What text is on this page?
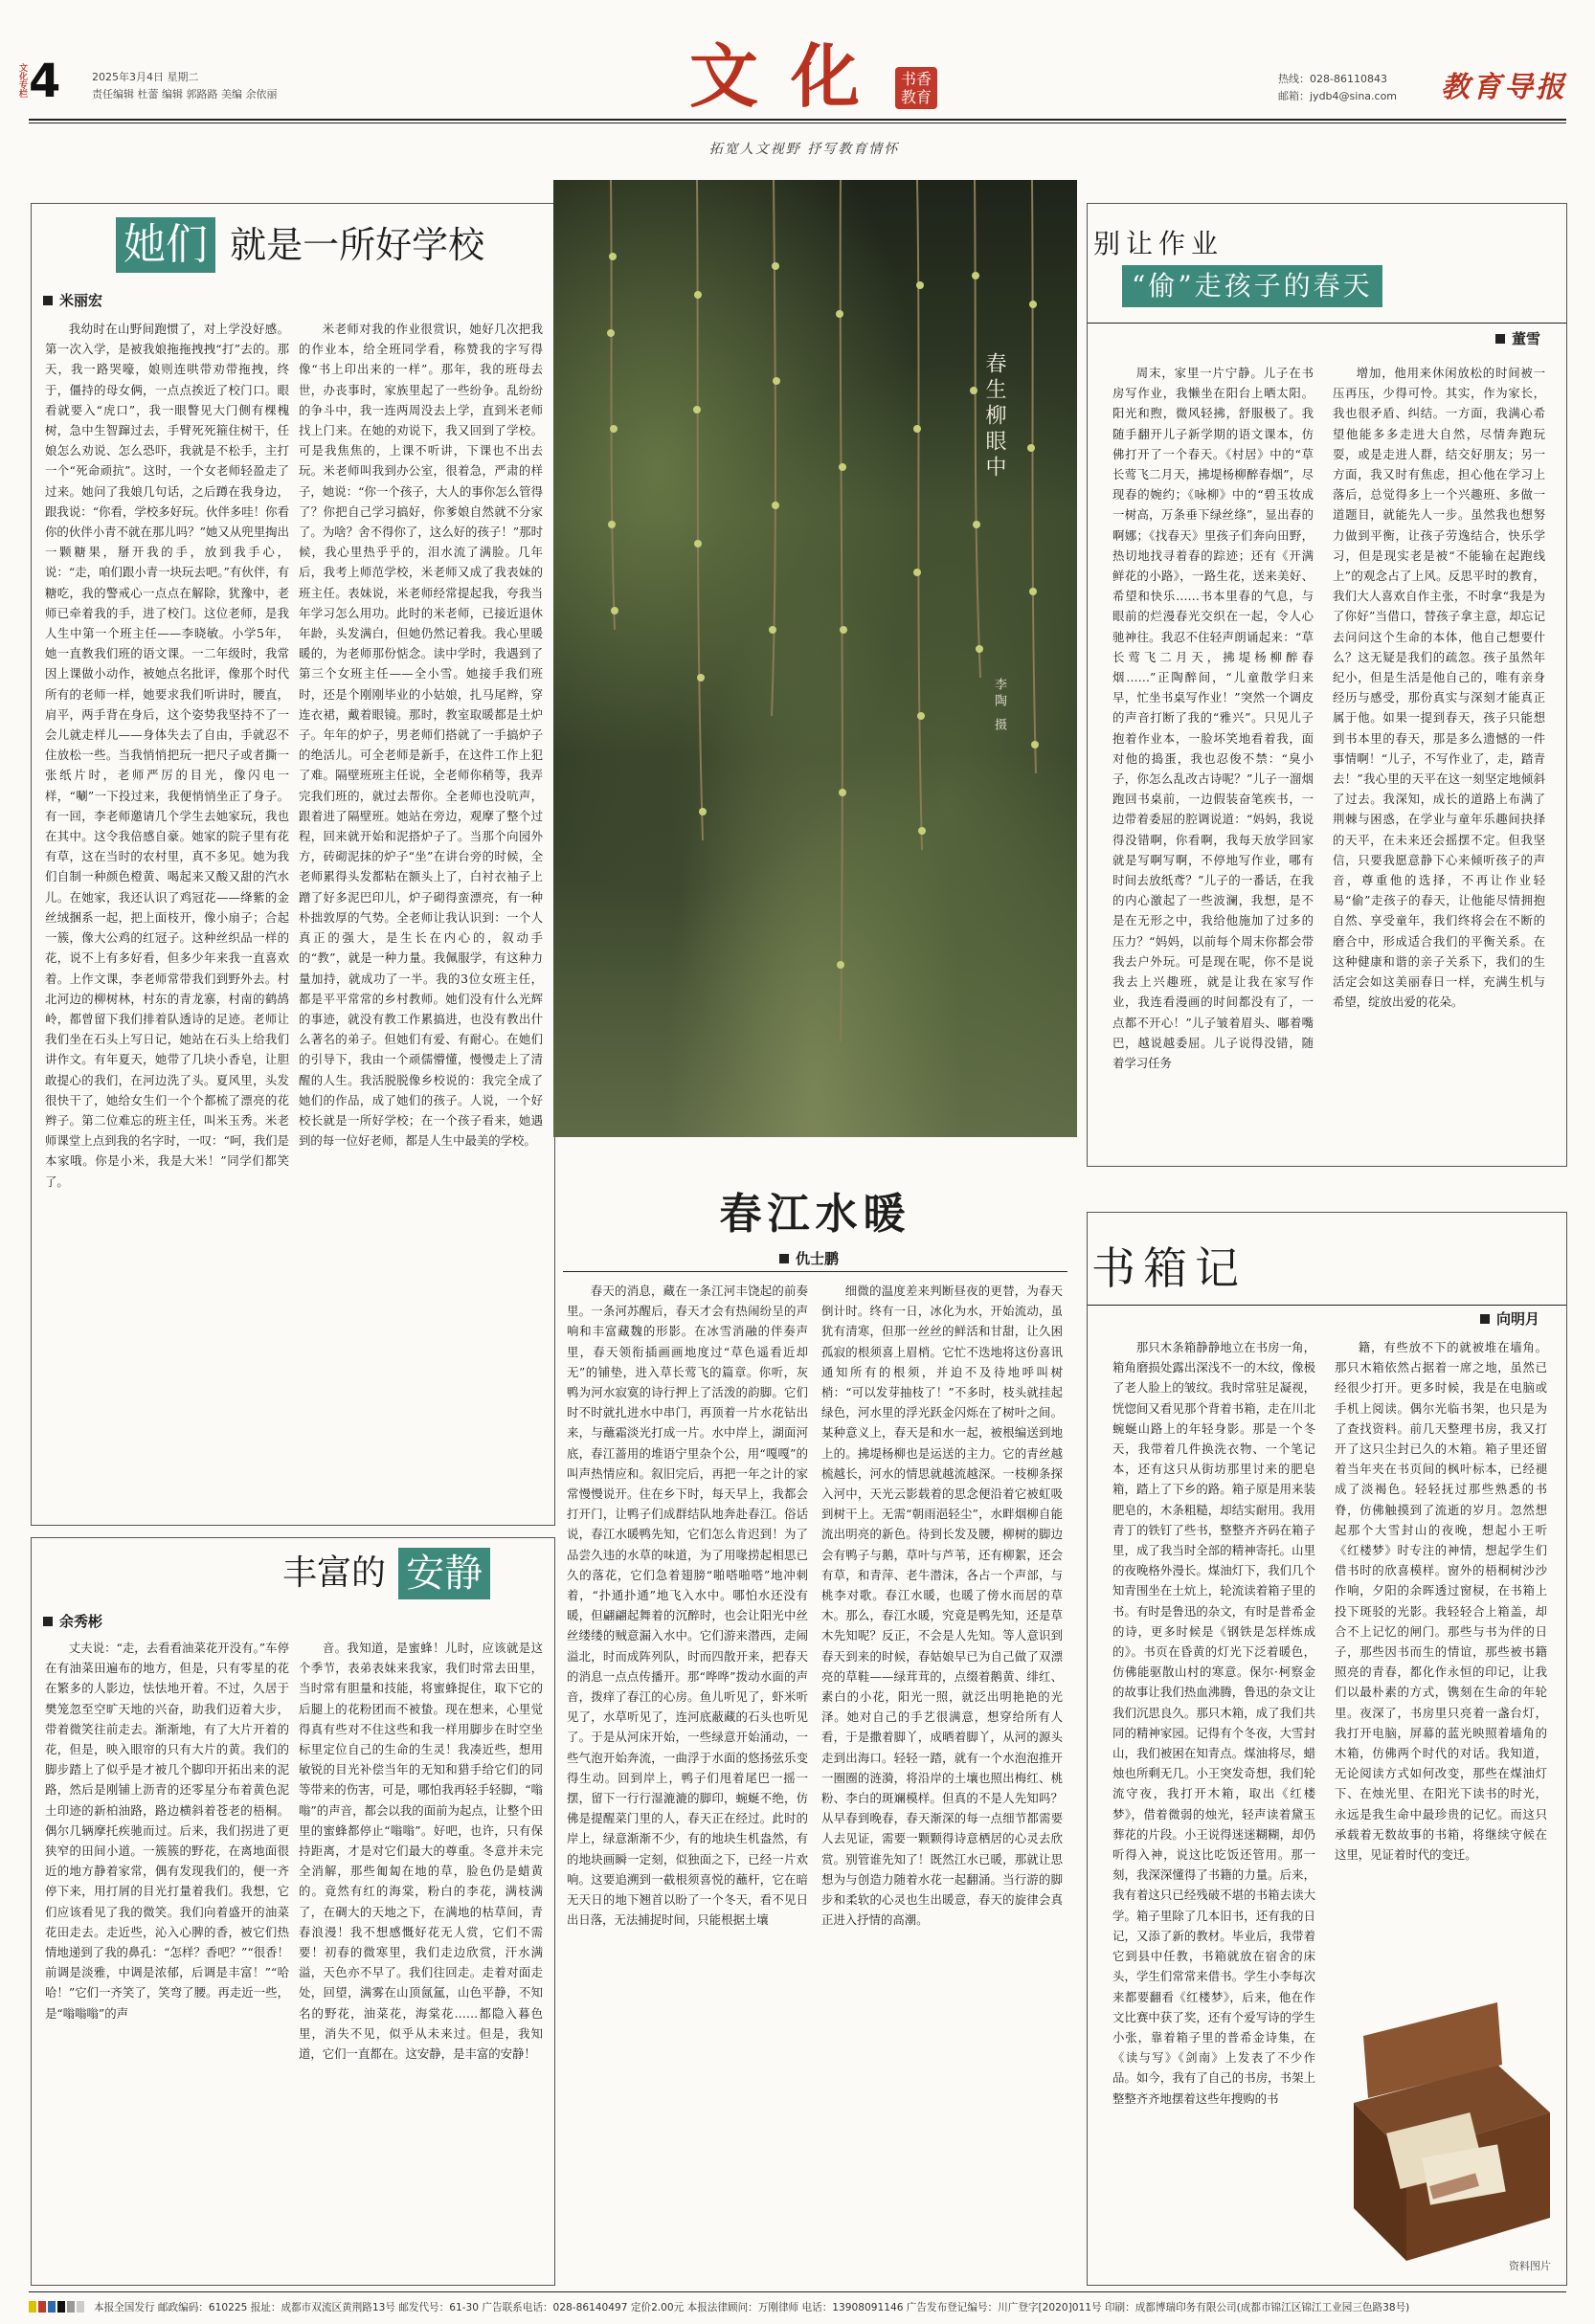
文化专栏 4	2025年3月4日 星期二
责任编辑 杜蕾 编辑 郭路路 美编 余依丽	文化 书香教育
拓宽人文视野 抒写教育情怀
热线：028-86110843
邮箱：jydb4@sina.com 教育导报
她们 就是一所好学校
米丽宏

我幼时在山野间跑惯了，对上学没好感。第一次入学，是被我娘拖拖拽拽“打”去的。那天，我一路哭嚎，娘则连哄带劝带拖拽，终于，僵持的母女俩，一点点挨近了校门口。眼看就要入“虎口”，我一眼瞥见大门侧有棵槐树，急中生智蹿过去，手臂死死箍住树干，任娘怎么劝说、怎么恐吓，我就是不松手，主打一个“死命顽抗”。这时，一个女老师轻盈走了过来。她问了我娘几句话，之后蹲在我身边，跟我说：“你看，学校多好玩。伙伴多哇！你看你的伙伴小青不就在那儿吗？”她又从兜里掏出一颗糖果，掰开我的手，放到我手心，说：“走，咱们跟小青一块玩去吧。”有伙伴，有糖吃，我的警戒心一点点在解除，犹豫中，老师已牵着我的手，进了校门。这位老师，是我人生中第一个班主任——李晓敏。小学5年，她一直教我们班的语文课。一二年级时，我常因上课做小动作，被她点名批评，像那个时代所有的老师一样，她要求我们听讲时，腰直，肩平，两手背在身后，这个姿势我坚持不了一会儿就走样儿——身体失去了自由，手就忍不住放松一些。当我悄悄把玩一把尺子或者撕一张纸片时，老师严厉的目光，像闪电一样，“唰”一下投过来，我便悄悄坐正了身子。有一回，李老师邀请几个学生去她家玩，我也在其中。这令我倍感自豪。她家的院子里有花有草，这在当时的农村里，真不多见。她为我们自制一种颜色橙黄、喝起来又酸又甜的汽水儿。在她家，我还认识了鸡冠花——绛紫的金丝绒捆系一起，把上面枝开，像小扇子；合起一簇，像大公鸡的红冠子。这种丝织品一样的花，说不上有多好看，但多少年来我一直喜欢着。上作文课，李老师常带我们到野外去。村北河边的柳树林，村东的青龙寨，村南的鹤鸪岭，都曾留下我们排着队透诗的足迹。老师让我们坐在石头上写日记，她站在石头上给我们讲作文。有年夏天，她带了几块小香皂，让胆敢提心的我们，在河边洗了头。夏风里，头发很快干了，她给女生们一个个都梳了漂亮的花辫子。第二位难忘的班主任，叫米玉秀。米老师课堂上点到我的名字时，一叹：“呵，我们是本家哦。你是小米，我是大米！”同学们都笑了。

米老师对我的作业很赏识，她好几次把我的作业本，给全班同学看，称赞我的字写得像“书上印出来的一样”。那年，我的班母去世，办丧事时，家族里起了一些纷争。乱纷纷的争斗中，我一连两周没去上学，直到米老师找上门来。在她的劝说下，我又回到了学校。可是我焦焦的，上课不听讲，下课也不出去玩。米老师叫我到办公室，很着急，严肃的样子，她说：“你一个孩子，大人的事你怎么管得了？你把自己学习搞好，你爹娘自然就不分家了。为啥？舍不得你了，这么好的孩子！”那时候，我心里热乎乎的，泪水流了满脸。几年后，我考上师范学校，米老师又成了我表妹的班主任。表妹说，米老师经常提起我，夸我当年学习怎么用功。此时的米老师，已接近退休年龄，头发满白，但她仍然记着我。我心里暖暖的，为老师那份惦念。读中学时，我遇到了第三个女班主任——全小雪。她接手我们班时，还是个刚刚毕业的小姑娘，扎马尾辫，穿连衣裙，戴着眼镜。那时，教室取暖都是土炉子。年年的炉子，男老师们搭就了一手搞炉子的绝活儿。可全老师是新手，在这件工作上犯了难。隔壁班班主任说，全老师你稍等，我弄完我们班的，就过去帮你。全老师也没吭声，跟着进了隔壁班。她站在旁边，观摩了整个过程，回来就开始和泥搭炉子了。当那个向园外方，砖砌泥抹的炉子“坐”在讲台旁的时候，全老师累得头发都粘在额头上了，白衬衣袖子上蹭了好多泥巴印儿，炉子砌得蛮漂亮，有一种朴拙敦厚的气势。全老师让我认识到：一个人真正的强大，是生长在内心的，叙动手的“教”，就是一种力量。我佩服学，有这种力量加持，就成功了一半。我的3位女班主任，都是平平常常的乡村教师。她们没有什么光辉的事迹，就没有教工作累搞进，也没有教出什么著名的弟子。但她们有爱、有耐心。在她们的引导下，我由一个顽儒懵懂，慢慢走上了清醒的人生。我活脱脱像乡校说的：我完全成了她们的作品，成了她们的孩子。人说，一个好校长就是一所好学校；在一个孩子看来，她遇到的每一位好老师，都是人生中最美的学校。

丰富的 安静
余秀彬

丈夫说：“走，去看看油菜花开没有。”车停在有油菜田遍布的地方，但是，只有零星的花在繁多的人影边，怯怯地开着。不过，久居于樊笼忽至空旷天地的兴奋，助我们迈着大步，带着微笑往前走去。渐渐地，有了大片开着的花，但是，映入眼帘的只有大片的黄。我们的脚步踏上了似乎是才被几个脚印开拓出来的泥路，然后是刚铺上沥青的还零星分布着黄色泥土印迹的新柏油路，路边横斜着苍老的梧桐。偶尔几辆摩托疾驰而过。后来，我们拐进了更狭窄的田间小道。一簇簇的野花，在离地面很近的地方静着家常，偶有发现我们的，便一齐停下来，用打屑的目光打量着我们。我想，它们应该看见了我的微笑。我们向着盛开的油菜花田走去。走近些，沁入心脾的香，被它们热情地递到了我的鼻孔：“怎样？香吧？”“很香！前调是淡雅，中调是浓郁，后调是丰富！”“哈哈！”它们一齐笑了，笑弯了腰。再走近一些，是“嗡嗡嗡”的声

音。我知道，是蜜蜂！儿时，应该就是这个季节，表弟表妹来我家，我们时常去田里，当时常有胆量和技能，将蜜蜂捉住，取下它的后腿上的花粉团而不被蛰。现在想来，心里觉得真有些对不住这些和我一样用脚步在时空坐标里定位自己的生命的生灵！我凑近些，想用敏锐的目光补偿当年的无知和猎手给它们的同等带来的伤害，可是，哪怕我再轻手轻脚，“嗡嗡”的声音，都会以我的面前为起点，让整个田里的蜜蜂都停止“嗡嗡”。好吧，也许，只有保持距离，才是对它们最大的尊重。冬意并未完全消解，那些匍匐在地的草，脸色仍是蜡黄的。竟然有红的海棠，粉白的李花，满枝满了，在碉大的天地之下，在满地的枯草间，青春浪漫！我不想感慨好花无人赏，它们不需要！初春的微寒里，我们走边欣赏，汗水满溢，天色亦不早了。我们往回走。走着对面走处，回望，满雾在山顶氤氲，山色平静，不知名的野花，油菜花，海棠花……都隐入暮色里，消失不见，似乎从未来过。但是，我知道，它们一直都在。这安静，是丰富的安静！

春生柳眼中
李陶 摄
春江水暖
仇士鹏

春天的消息，藏在一条江河丰饶起的前奏里。一条河苏醒后，春天才会有热闹纷呈的声响和丰富藏魏的形影。在冰雪消融的伴奏声里，春天领衔插画画地度过“草色遥看近却无”的铺垫，进入草长莺飞的篇章。你听，灰鸭为河水寂寞的诗行押上了活泼的韵脚。它们时不时就扎进水中串门，再顶着一片水花钻出来，与蘸霜淡光打成一片。水中岸上，湖面河底，春江蔷用的堆语宁里杂个公，用“嘎嘎”的叫声热情应和。叙旧完后，再把一年之计的家常慢慢说开。住在乡下时，每天早上，我都会打开门，让鸭子们成群结队地奔赴春江。俗话说，春江水暖鸭先知，它们怎么肯迟到！为了品尝久违的水草的味道，为了用喙捞起相思已久的落花，它们急着翅膀“啪嗒啪嗒”地冲刺着，“扑通扑通”地飞入水中。哪怕水还没有暖，但翩翩起舞着的沉醉时，也会让阳光中丝丝缕缕的贼意漏入水中。它们游来潜西，走闹溢北，时而成阵列队，时而四散开来，把春天的消息一点点传播开。那“哗哗”拨动水面的声音，拨痒了春江的心房。鱼儿听见了，虾米听见了，水草听见了，连河底蔽藏的石头也听见了。于是从河床开始，一些绿意开始涌动，一些气泡开始奔流，一曲浮于水面的悠扬弦乐变得生动。回到岸上，鸭子们甩着尾巴一摇一摆，留下一行行湿漉漉的脚印，蜿蜒不绝，仿佛是提醒菜门里的人，春天正在经过。此时的岸上，绿意渐渐不少，有的地块生机盎然，有的地块画瞬一定刻，似独面之下，已经一片欢响。这要追溯到一截根须喜悦的蘸杆，它在暗无天日的地下翘首以盼了一个冬天，看不见日出日落，无法捕捉时间，只能根据土壤

细微的温度差来判断昼夜的更替，为春天倒计时。终有一日，冰化为水，开始流动，虽犹有清寒，但那一丝丝的鲜活和甘甜，让久困孤寂的根须喜上眉梢。它忙不迭地将这份喜讯通知所有的根须，并迫不及待地呼叫树梢：“可以发芽抽枝了！”不多时，枝头就挂起绿色，河水里的浮光跃金闪烁在了树叶之间。某种意义上，春天是和水一起，被根编送到地上的。拂堤杨柳也是运送的主力。它的青丝越梳越长，河水的情思就越流越深。一枝柳条探入河中，天光云影载着的思念便沿着它被虹吸到树干上。无需“朝雨浥轻尘”，水畔烟柳自能流出明亮的新色。待到长发及腰，柳树的脚边会有鸭子与鹅，草叶与芦苇，还有柳絮，还会有草，和青萍、老牛潜沫，各占一个声部，与桃李对歌。春江水暖，也暖了傍水而居的草木。那么，春江水暖，究竟是鸭先知，还是草木先知呢？反正，不会是人先知。等人意识到春天到来的时候，春姑娘早已为自己做了双漂亮的草鞋——绿茸茸的，点缀着鹅黄、绯红、素白的小花，阳光一照，就泛出明艳艳的光泽。她对自己的手艺很满意，想穿给所有人看，于是撒着脚丫，成晒着脚丫，从河的源头走到出海口。轻轻一踏，就有一个水泡泡推开一圈圈的涟漪，将沿岸的土壤也照出梅红、桃粉、李白的斑斓模样。但真的不是人先知吗？从早春到晚春，春天渐深的每一点细节都需要人去见证，需要一颗颗得诗意栖居的心灵去欣赏。别管谁先知了！既然江水已暖，那就让思想为与创造力随着水花一起翻涌。当行游的脚步和柔软的心灵也生出暖意，春天的旋律会真正进入抒情的高潮。

别让作业
“偷”走孩子的春天
董雪

周末，家里一片宁静。儿子在书房写作业，我懒坐在阳台上晒太阳。阳光和煦，微风轻拂，舒服极了。我随手翻开儿子新学期的语文课本，仿佛打开了一个春天。《村居》中的“草长莺飞二月天，拂堤杨柳醉春烟”，尽现春的婉约；《咏柳》中的“碧玉妆成一树高，万条垂下绿丝绦”，显出春的啊娜；《找春天》里孩子们奔向田野，热切地找寻着春的踪迹；还有《开满鲜花的小路》，一路生花，送来美好、希望和快乐……书本里春的气息，与眼前的烂漫春光交织在一起，令人心驰神往。我忍不住轻声朗诵起来：“草长莺飞二月天，拂堤杨柳醉春烟……”正陶醉间，“儿童散学归来早，忙坐书桌写作业！”突然一个调皮的声音打断了我的“雅兴”。只见儿子抱着作业本，一脸坏笑地看着我，面对他的捣蛋，我也忍俊不禁：“臭小子，你怎么乱改古诗呢？”儿子一溜烟跑回书桌前，一边假装奋笔疾书，一边带着委屈的腔调说道：“妈妈，我说得没错啊，你看啊，我每天放学回家就是写啊写啊，不停地写作业，哪有时间去放纸鸢？”儿子的一番话，在我的内心激起了一些波澜，我想，是不是在无形之中，我给他施加了过多的压力？“妈妈，以前每个周末你都会带我去户外玩。可是现在呢，你不是说我去上兴趣班，就是让我在家写作业，我连看漫画的时间都没有了，一点都不开心！”儿子皱着眉头、嘟着嘴巴，越说越委屈。儿子说得没错，随着学习任务

增加，他用来休闲放松的时间被一压再压，少得可怜。其实，作为家长，我也很矛盾、纠结。一方面，我满心希望他能多多走进大自然，尽情奔跑玩耍，或是走进人群，结交好朋友；另一方面，我又时有焦虑，担心他在学习上落后，总觉得多上一个兴趣班、多做一道题目，就能先人一步。虽然我也想努力做到平衡，让孩子劳逸结合，快乐学习，但是现实老是被“不能输在起跑线上”的观念占了上风。反思平时的教育，我们大人喜欢自作主张，不时拿“我是为了你好”当借口，替孩子拿主意，却忘记去问问这个生命的本体，他自己想要什么？这无疑是我们的疏忽。孩子虽然年纪小，但是生活是他自己的，唯有亲身经历与感受，那份真实与深刻才能真正属于他。如果一提到春天，孩子只能想到书本里的春天，那是多么遗憾的一件事情啊！“儿子，不写作业了，走，踏青去！”我心里的天平在这一刻坚定地倾斜了过去。我深知，成长的道路上布满了荆棘与困惑，在学业与童年乐趣间抉择的天平，在未来还会摇摆不定。但我坚信，只要我愿意静下心来倾听孩子的声音，尊重他的选择，不再让作业轻易“偷”走孩子的春天，让他能尽情拥抱自然、享受童年，我们终将会在不断的磨合中，形成适合我们的平衡关系。在这种健康和谐的亲子关系下，我们的生活定会如这美丽春日一样，充满生机与希望，绽放出爱的花朵。

书箱记
向明月

那只木条箱静静地立在书房一角，箱角磨损处露出深浅不一的木纹，像极了老人脸上的皱纹。我时常驻足凝视，恍惚间又看见那个背着书箱，走在川北蜿蜒山路上的年轻身影。那是一个冬天，我带着几件换洗衣物、一个笔记本，还有这只从街坊那里讨来的肥皂箱，踏上了下乡的路。箱子原是用来装肥皂的，木条粗糙，却结实耐用。我用青丁的铁钉了些书，整整齐齐码在箱子里，成了我当时全部的精神寄托。山里的夜晚格外漫长。煤油灯下，我们几个知青围坐在土炕上，轮流读着箱子里的书。有时是鲁迅的杂文，有时是普希金的诗，更多时候是《钢铁是怎样炼成的》。书页在昏黄的灯光下泛着暖色，仿佛能驱散山村的寒意。保尔·柯察金的故事让我们热血沸腾，鲁迅的杂文让我们沉思良久。那只木箱，成了我们共同的精神家园。记得有个冬夜，大雪封山，我们被困在知青点。煤油将尽，蜡烛也所剩无几。小王突发奇想，我们轮流守夜，我打开木箱，取出《红楼梦》，借着微弱的烛光，轻声读着黛玉葬花的片段。小王说得迷迷糊糊，却仍听得入神，说这比吃饭还管用。那一刻，我深深懂得了书籍的力量。后来，我有着这只已经残破不堪的书箱去读大学。箱子里除了几本旧书，还有我的日记，又添了新的教材。毕业后，我带着它到县中任教，书箱就放在宿舍的床头，学生们常常来借书。学生小李每次来都要翻看《红楼梦》，后来，他在作文比赛中获了奖，还有个爱写诗的学生小张，靠着箱子里的普希金诗集，在《读与写》《剑南》上发表了不少作品。如今，我有了自己的书房，书架上整整齐齐地摆着这些年搜购的书

籍，有些放不下的就被堆在墙角。那只木箱依然占据着一席之地，虽然已经很少打开。更多时候，我是在电脑或手机上阅读。偶尔光临书架，也只是为了查找资料。前几天整理书房，我又打开了这只尘封已久的木箱。箱子里还留着当年夹在书页间的枫叶标本，已经褪成了淡褐色。轻轻抚过那些熟悉的书脊，仿佛触摸到了流逝的岁月。忽然想起那个大雪封山的夜晚，想起小王听《红楼梦》时专注的神情，想起学生们借书时的欣喜模样。窗外的梧桐树沙沙作响，夕阳的余晖透过窗棂，在书箱上投下斑驳的光影。我轻轻合上箱盖，却合不上记忆的闸门。那些与书为伴的日子，那些因书而生的情谊，那些被书籍照亮的青春，都化作永恒的印记，让我们以最朴素的方式，镌刻在生命的年轮里。夜深了，书房里只亮着一盏台灯，我打开电脑，屏幕的蓝光映照着墙角的木箱，仿佛两个时代的对话。我知道，无论阅读方式如何改变，那些在煤油灯下、在烛光里、在阳光下读书的时光，永远是我生命中最珍贵的记忆。而这只承载着无数故事的书箱，将继续守候在这里，见证着时代的变迁。

资料图片
本报全国发行 邮政编码：610225 报址：成都市双流区黄荆路13号 邮发代号：61-30 广告联系电话：028-86140497 定价2.00元 本报法律顾问：万刚律师 电话：13908091146 广告发布登记编号：川广登字[2020]011号 印刷：成都博瑞印务有限公司(成都市锦江区锦江工业园三色路38号)
